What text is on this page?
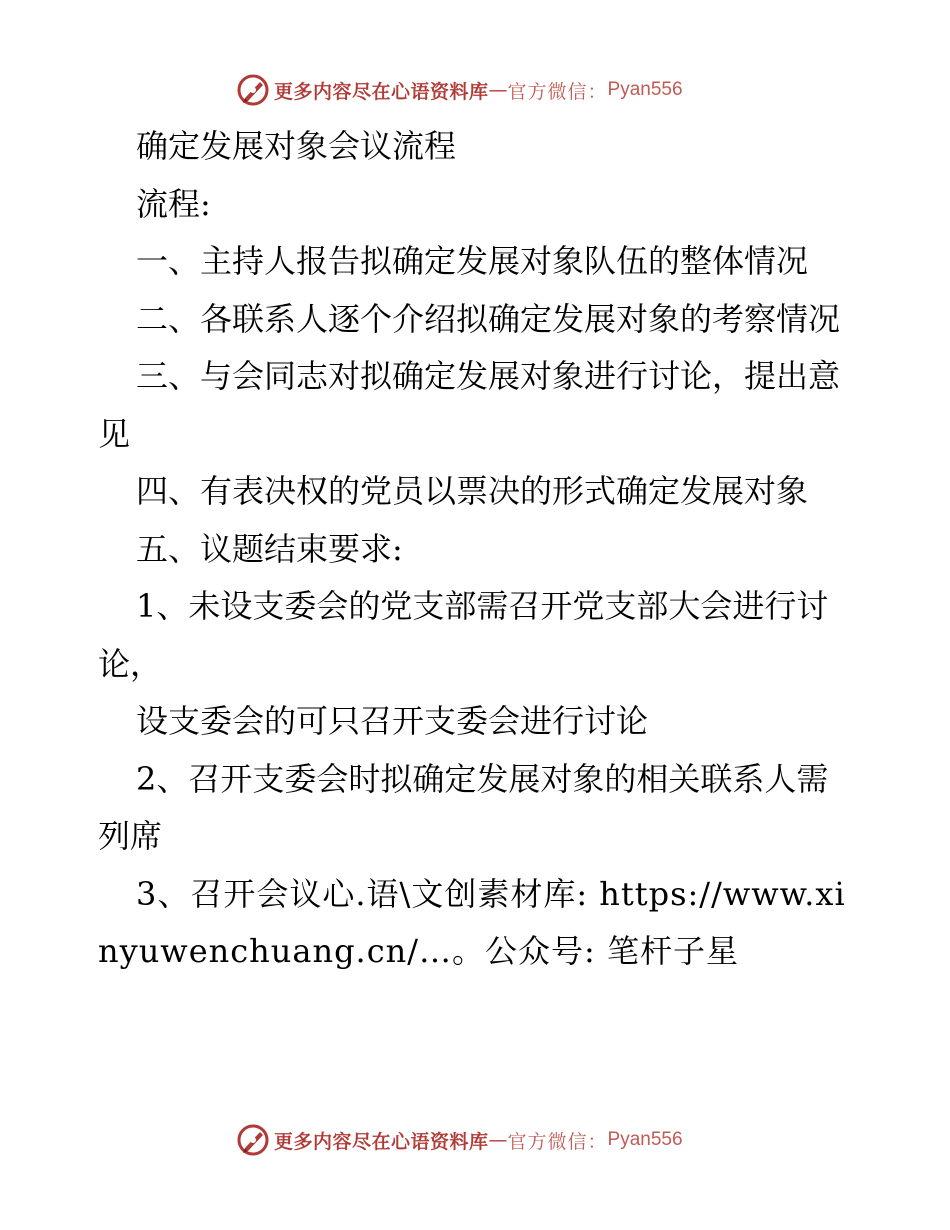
更多内容尽在心语资料库 — 官方微信： Pyan556

确定发展对象会议流程

流程:

一、主持人报告拟确定发展对象队伍的整体情况

二、各联系人逐个介绍拟确定发展对象的考察情况

三、与会同志对拟确定发展对象进行讨论，提出意见

四、有表决权的党员以票决的形式确定发展对象

五、议题结束要求:

1、未设支委会的党支部需召开党支部大会进行讨论，

设支委会的可只召开支委会进行讨论

2、召开支委会时拟确定发展对象的相关联系人需列席

3、召开会议心.语\文创素材库: https://www.xinyuwenchuang.cn/…。公众号: 笔杆子星

更多内容尽在心语资料库 — 官方微信： Pyan556
